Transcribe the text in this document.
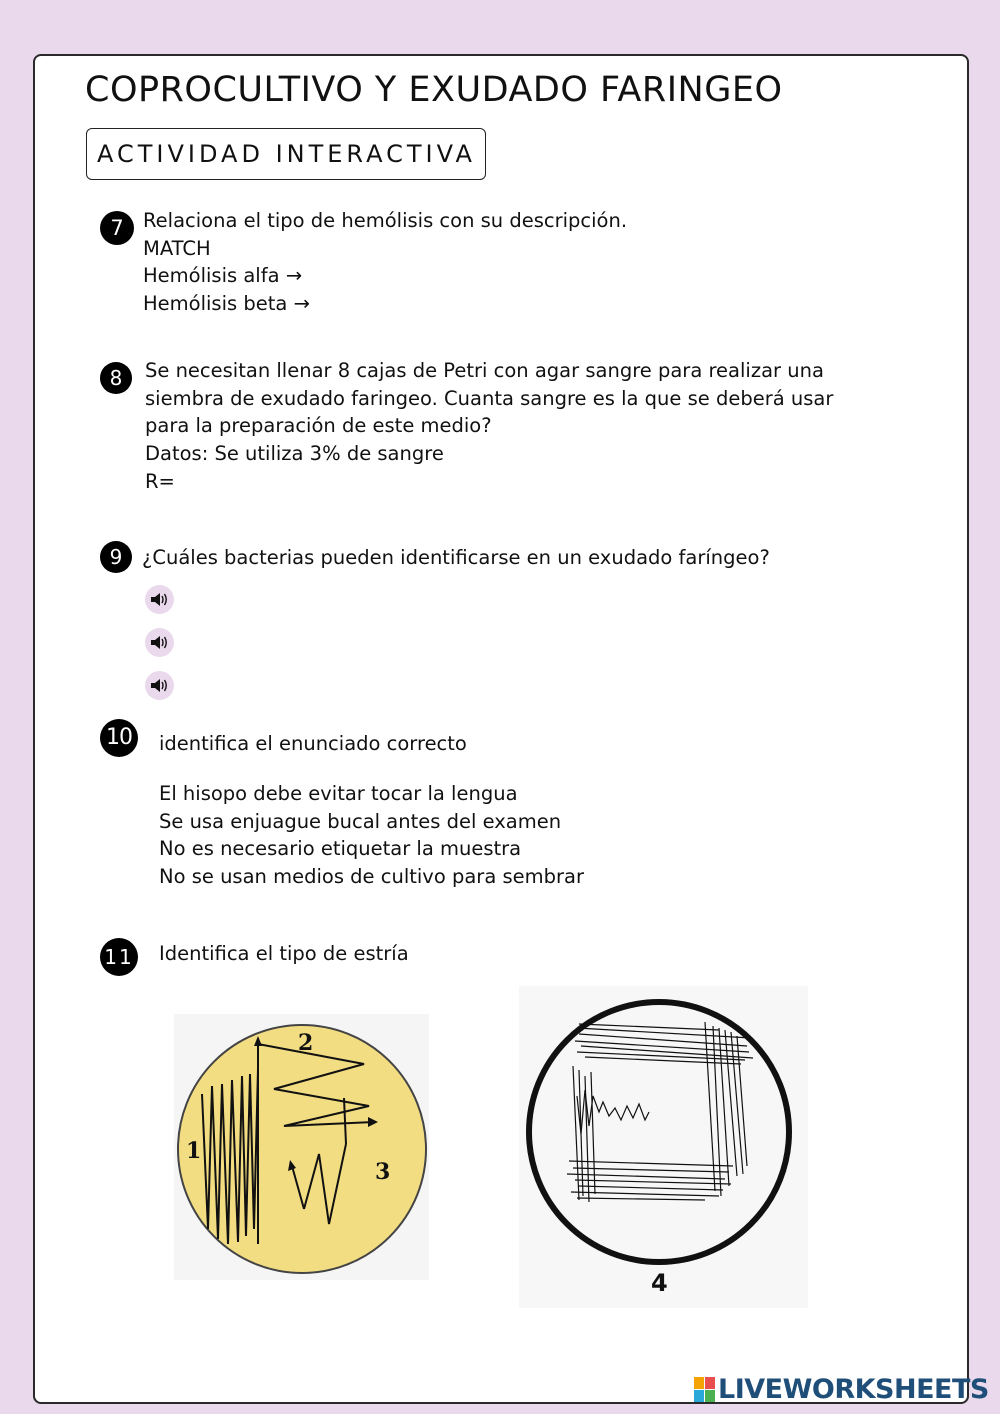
COPROCULTIVO Y EXUDADO FARINGEO
ACTIVIDAD INTERACTIVA
7 Relaciona el tipo de hemólisis con su descripción.
MATCH
Hemólisis alfa →
Hemólisis beta →
8	Se necesitan llenar 8 cajas de Petri con agar sangre para realizar una
siembra de exudado faringeo. Cuanta sangre es la que se deberá usar
para la preparación de este medio?
Datos: Se utiliza 3% de sangre
R=
9	¿Cuáles bacterias pueden identificarse en un exudado faríngeo?
10	identifica el enunciado correcto
El hisopo debe evitar tocar la lengua
Se usa enjuague bucal antes del examen
No es necesario etiquetar la muestra
No se usan medios de cultivo para sembrar
11 Identifica el tipo de estría
1
2
3
4
LIVEWORKSHEETS
